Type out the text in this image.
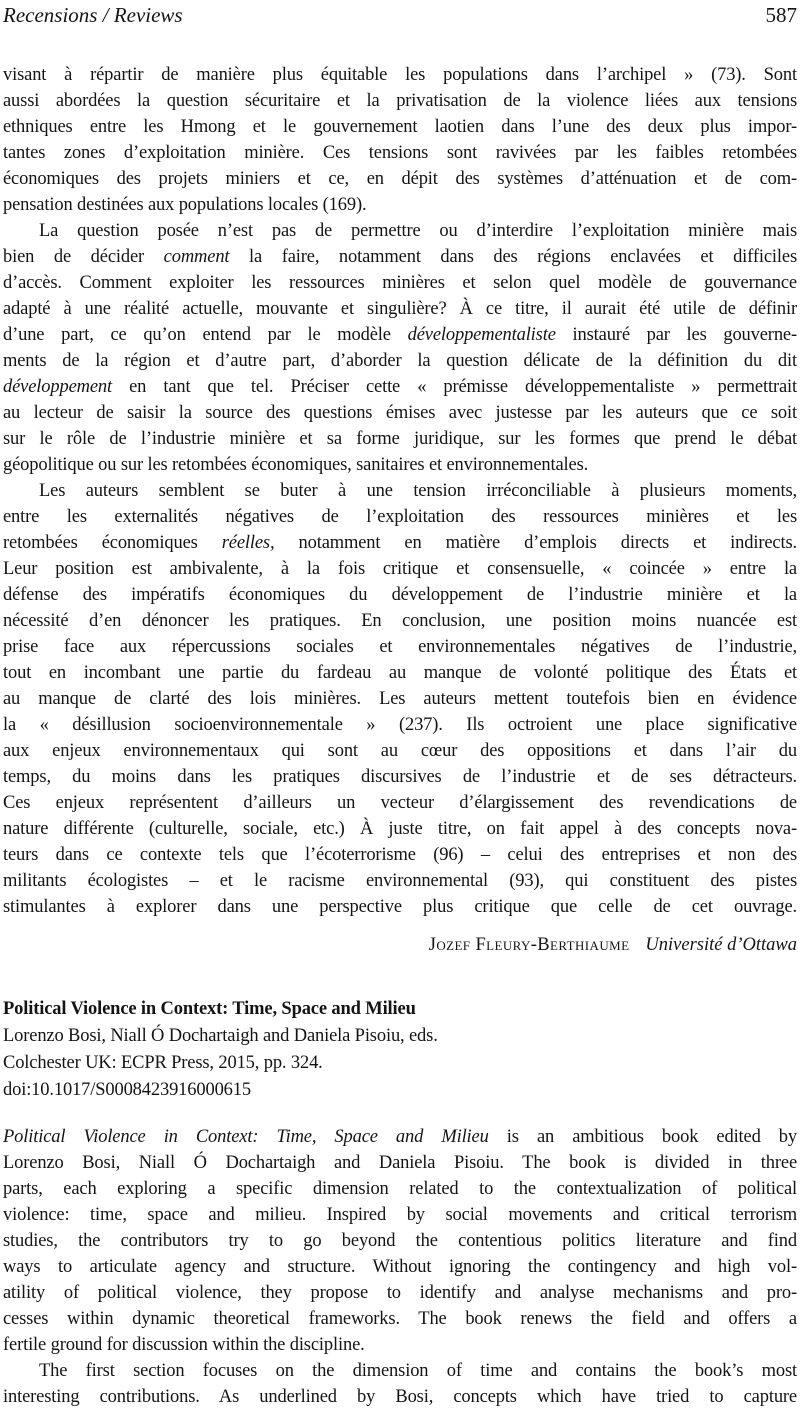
Recensions / Reviews	587
visant à répartir de manière plus équitable les populations dans l’archipel » (73). Sont
aussi abordées la question sécuritaire et la privatisation de la violence liées aux tensions
ethniques entre les Hmong et le gouvernement laotien dans l’une des deux plus impor-
tantes zones d’exploitation minière. Ces tensions sont ravivées par les faibles retombées
économiques des projets miniers et ce, en dépit des systèmes d’atténuation et de com-
pensation destinées aux populations locales (169).
La question posée n’est pas de permettre ou d’interdire l’exploitation minière mais
bien de décider comment la faire, notamment dans des régions enclavées et difficiles
d’accès. Comment exploiter les ressources minières et selon quel modèle de gouvernance
adapté à une réalité actuelle, mouvante et singulière? À ce titre, il aurait été utile de définir
d’une part, ce qu’on entend par le modèle développementaliste instauré par les gouverne-
ments de la région et d’autre part, d’aborder la question délicate de la définition du dit
développement en tant que tel. Préciser cette « prémisse développementaliste » permettrait
au lecteur de saisir la source des questions émises avec justesse par les auteurs que ce soit
sur le rôle de l’industrie minière et sa forme juridique, sur les formes que prend le débat
géopolitique ou sur les retombées économiques, sanitaires et environnementales.
Les auteurs semblent se buter à une tension irréconciliable à plusieurs moments,
entre les externalités négatives de l’exploitation des ressources minières et les
retombées économiques réelles, notamment en matière d’emplois directs et indirects.
Leur position est ambivalente, à la fois critique et consensuelle, « coincée » entre la
défense des impératifs économiques du développement de l’industrie minière et la
nécessité d’en dénoncer les pratiques. En conclusion, une position moins nuancée est
prise face aux répercussions sociales et environnementales négatives de l’industrie,
tout en incombant une partie du fardeau au manque de volonté politique des États et
au manque de clarté des lois minières. Les auteurs mettent toutefois bien en évidence
la « désillusion socioenvironnementale » (237). Ils octroient une place significative
aux enjeux environnementaux qui sont au cœur des oppositions et dans l’air du
temps, du moins dans les pratiques discursives de l’industrie et de ses détracteurs.
Ces enjeux représentent d’ailleurs un vecteur d’élargissement des revendications de
nature différente (culturelle, sociale, etc.) À juste titre, on fait appel à des concepts nova-
teurs dans ce contexte tels que l’écoterrorisme (96) – celui des entreprises et non des
militants écologistes – et le racisme environnemental (93), qui constituent des pistes
stimulantes à explorer dans une perspective plus critique que celle de cet ouvrage.
Jozef Fleury-Berthiaume Université d’Ottawa
Political Violence in Context: Time, Space and Milieu
Lorenzo Bosi, Niall Ó Dochartaigh and Daniela Pisoiu, eds.
Colchester UK: ECPR Press, 2015, pp. 324.
doi:10.1017/S0008423916000615
Political Violence in Context: Time, Space and Milieu is an ambitious book edited by
Lorenzo Bosi, Niall Ó Dochartaigh and Daniela Pisoiu. The book is divided in three
parts, each exploring a specific dimension related to the contextualization of political
violence: time, space and milieu. Inspired by social movements and critical terrorism
studies, the contributors try to go beyond the contentious politics literature and find
ways to articulate agency and structure. Without ignoring the contingency and high vol-
atility of political violence, they propose to identify and analyse mechanisms and pro-
cesses within dynamic theoretical frameworks. The book renews the field and offers a
fertile ground for discussion within the discipline.
The first section focuses on the dimension of time and contains the book’s most
interesting contributions. As underlined by Bosi, concepts which have tried to capture
